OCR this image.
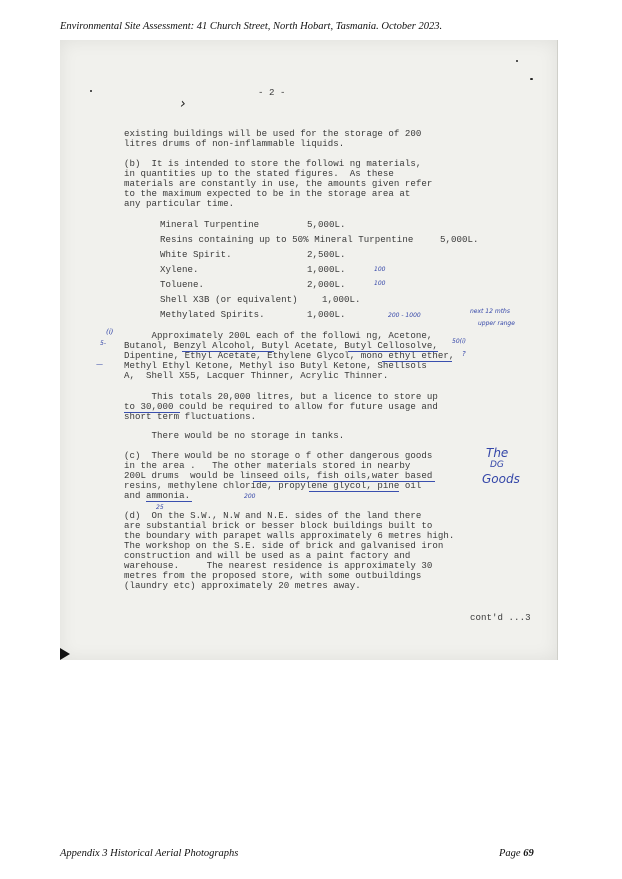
Environmental Site Assessment: 41 Church Street, North Hobart, Tasmania. October 2023.
›
- 2 -
existing buildings will be used for the storage of 200
litres drums of non-inflammable liquids.
(b)  It is intended to store the followi ng materials,
in quantities up to the stated figures.  As these
materials are constantly in use, the amounts given refer
to the maximum expected to be in the storage area at
any particular time.
Mineral Turpentine	5,000L.
Resins containing up to 50% Mineral Turpentine	5,000L.
White Spirit.	2,500L.
Xylene.	1,000L.
Toluene.	2,000L.
Shell X3B (or equivalent)	1,000L.
Methylated Spirits.	1,000L.
100
100
200 - 1000
next 12 mths
upper range
Approximately 200L each of the followi ng, Acetone,
Butanol, Benzyl Alcohol, Butyl Acetate, Butyl Cellosolve,
Dipentine, Ethyl Acetate, Ethylene Glycol, mono ethyl ether,
Methyl Ethyl Ketone, Methyl iso Butyl Ketone, Shellsols
A,  Shell X55, Lacquer Thinner, Acrylic Thinner.
(i)
5-
—
50(i)
?
This totals 20,000 litres, but a licence to store up
to 30,000 could be required to allow for future usage and
short term fluctuations.
There would be no storage in tanks.
(c)  There would be no storage o f other dangerous goods
in the area .   The other materials stored in nearby
200L drums  would be linseed oils, fish oils,water based
resins, methylene chloride, propylene glycol, pine oil
and ammonia.
The
DG
Goods
200
25
(d)  On the S.W., N.W and N.E. sides of the land there
are substantial brick or besser block buildings built to
the boundary with parapet walls approximately 6 metres high.
The workshop on the S.E. side of brick and galvanised iron
construction and will be used as a paint factory and
warehouse.     The nearest residence is approximately 30
metres from the proposed store, with some outbuildings
(laundry etc) approximately 20 metres away.
cont'd ...3
Appendix 3 Historical Aerial Photographs	Page 69
